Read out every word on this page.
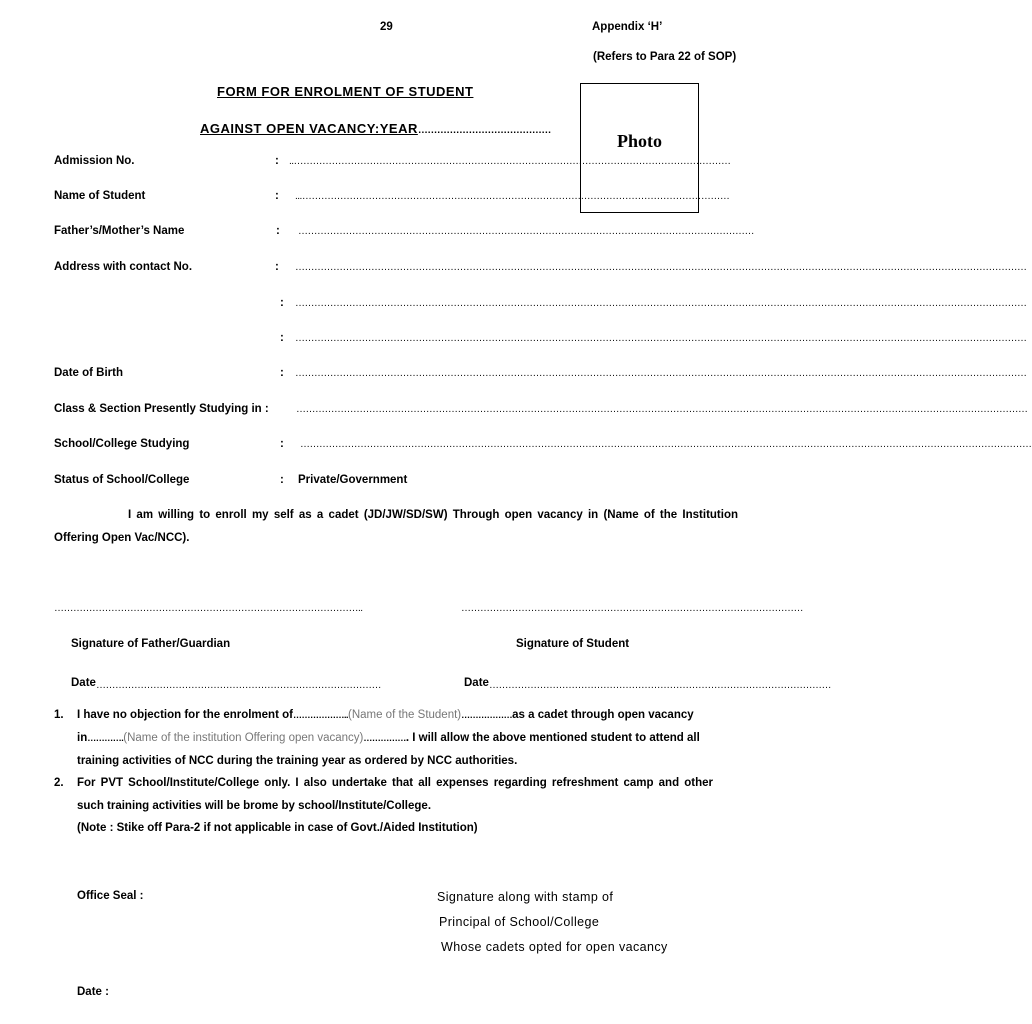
29	Appendix ‘H’
(Refers to Para 22 of SOP)
FORM FOR ENROLMENT OF STUDENT
AGAINST OPEN VACANCY:YEAR……………………………………
Photo
Admission No.	: ..…………………………………………………………………………………………………………………………
Name of Student	: ...………………………………………………………………………………………………………………………
Father’s/Mother’s Name	: ………………………………………………………………………………………………………………………………
Address with contact No.	: ……………………………………………………………………………………………………………………………………………………………………………………………………………
: ……………………………………………………………………………………………………………………………………………………………………………………………………………
: ……………………………………………………………………………………………………………………………………………………………………………………………………………
Date of Birth	: ……………………………………………………………………………………………………………………………………………………………………………………………………………
Class & Section Presently Studying in :	……………………………………………………………………………………………………………………………………………………………………………………………………………
School/College Studying	: ……………………………………………………………………………………………………………………………………………………………………………………………………………
Status of School/College	: Private/Government
I am willing to enroll my self as a cadet (JD/JW/SD/SW) Through open vacancy in (Name of the Institution
Offering Open Vac/NCC).
……………………………………………………………………………………..	………………………………………………………………………………………………
Signature of Father/Guardian	Signature of Student
Date………………………………………………………………………………	Date………………………………………………………………………………………………
1. I have no objection for the enrolment of………………..(Name of the Student)………………as a cadet through open vacancy
in………….(Name of the institution Offering open vacancy)……………. I will allow the above mentioned student to attend all
training activities of NCC during the training year as ordered by NCC authorities.
2. For PVT School/Institute/College only. I also undertake that all expenses regarding refreshment camp and other
such training activities will be brome by school/Institute/College.
(Note : Stike off Para-2 if not applicable in case of Govt./Aided Institution)
Office Seal :	Signature along with stamp of
Principal of School/College
Whose cadets opted for open vacancy
Date :
